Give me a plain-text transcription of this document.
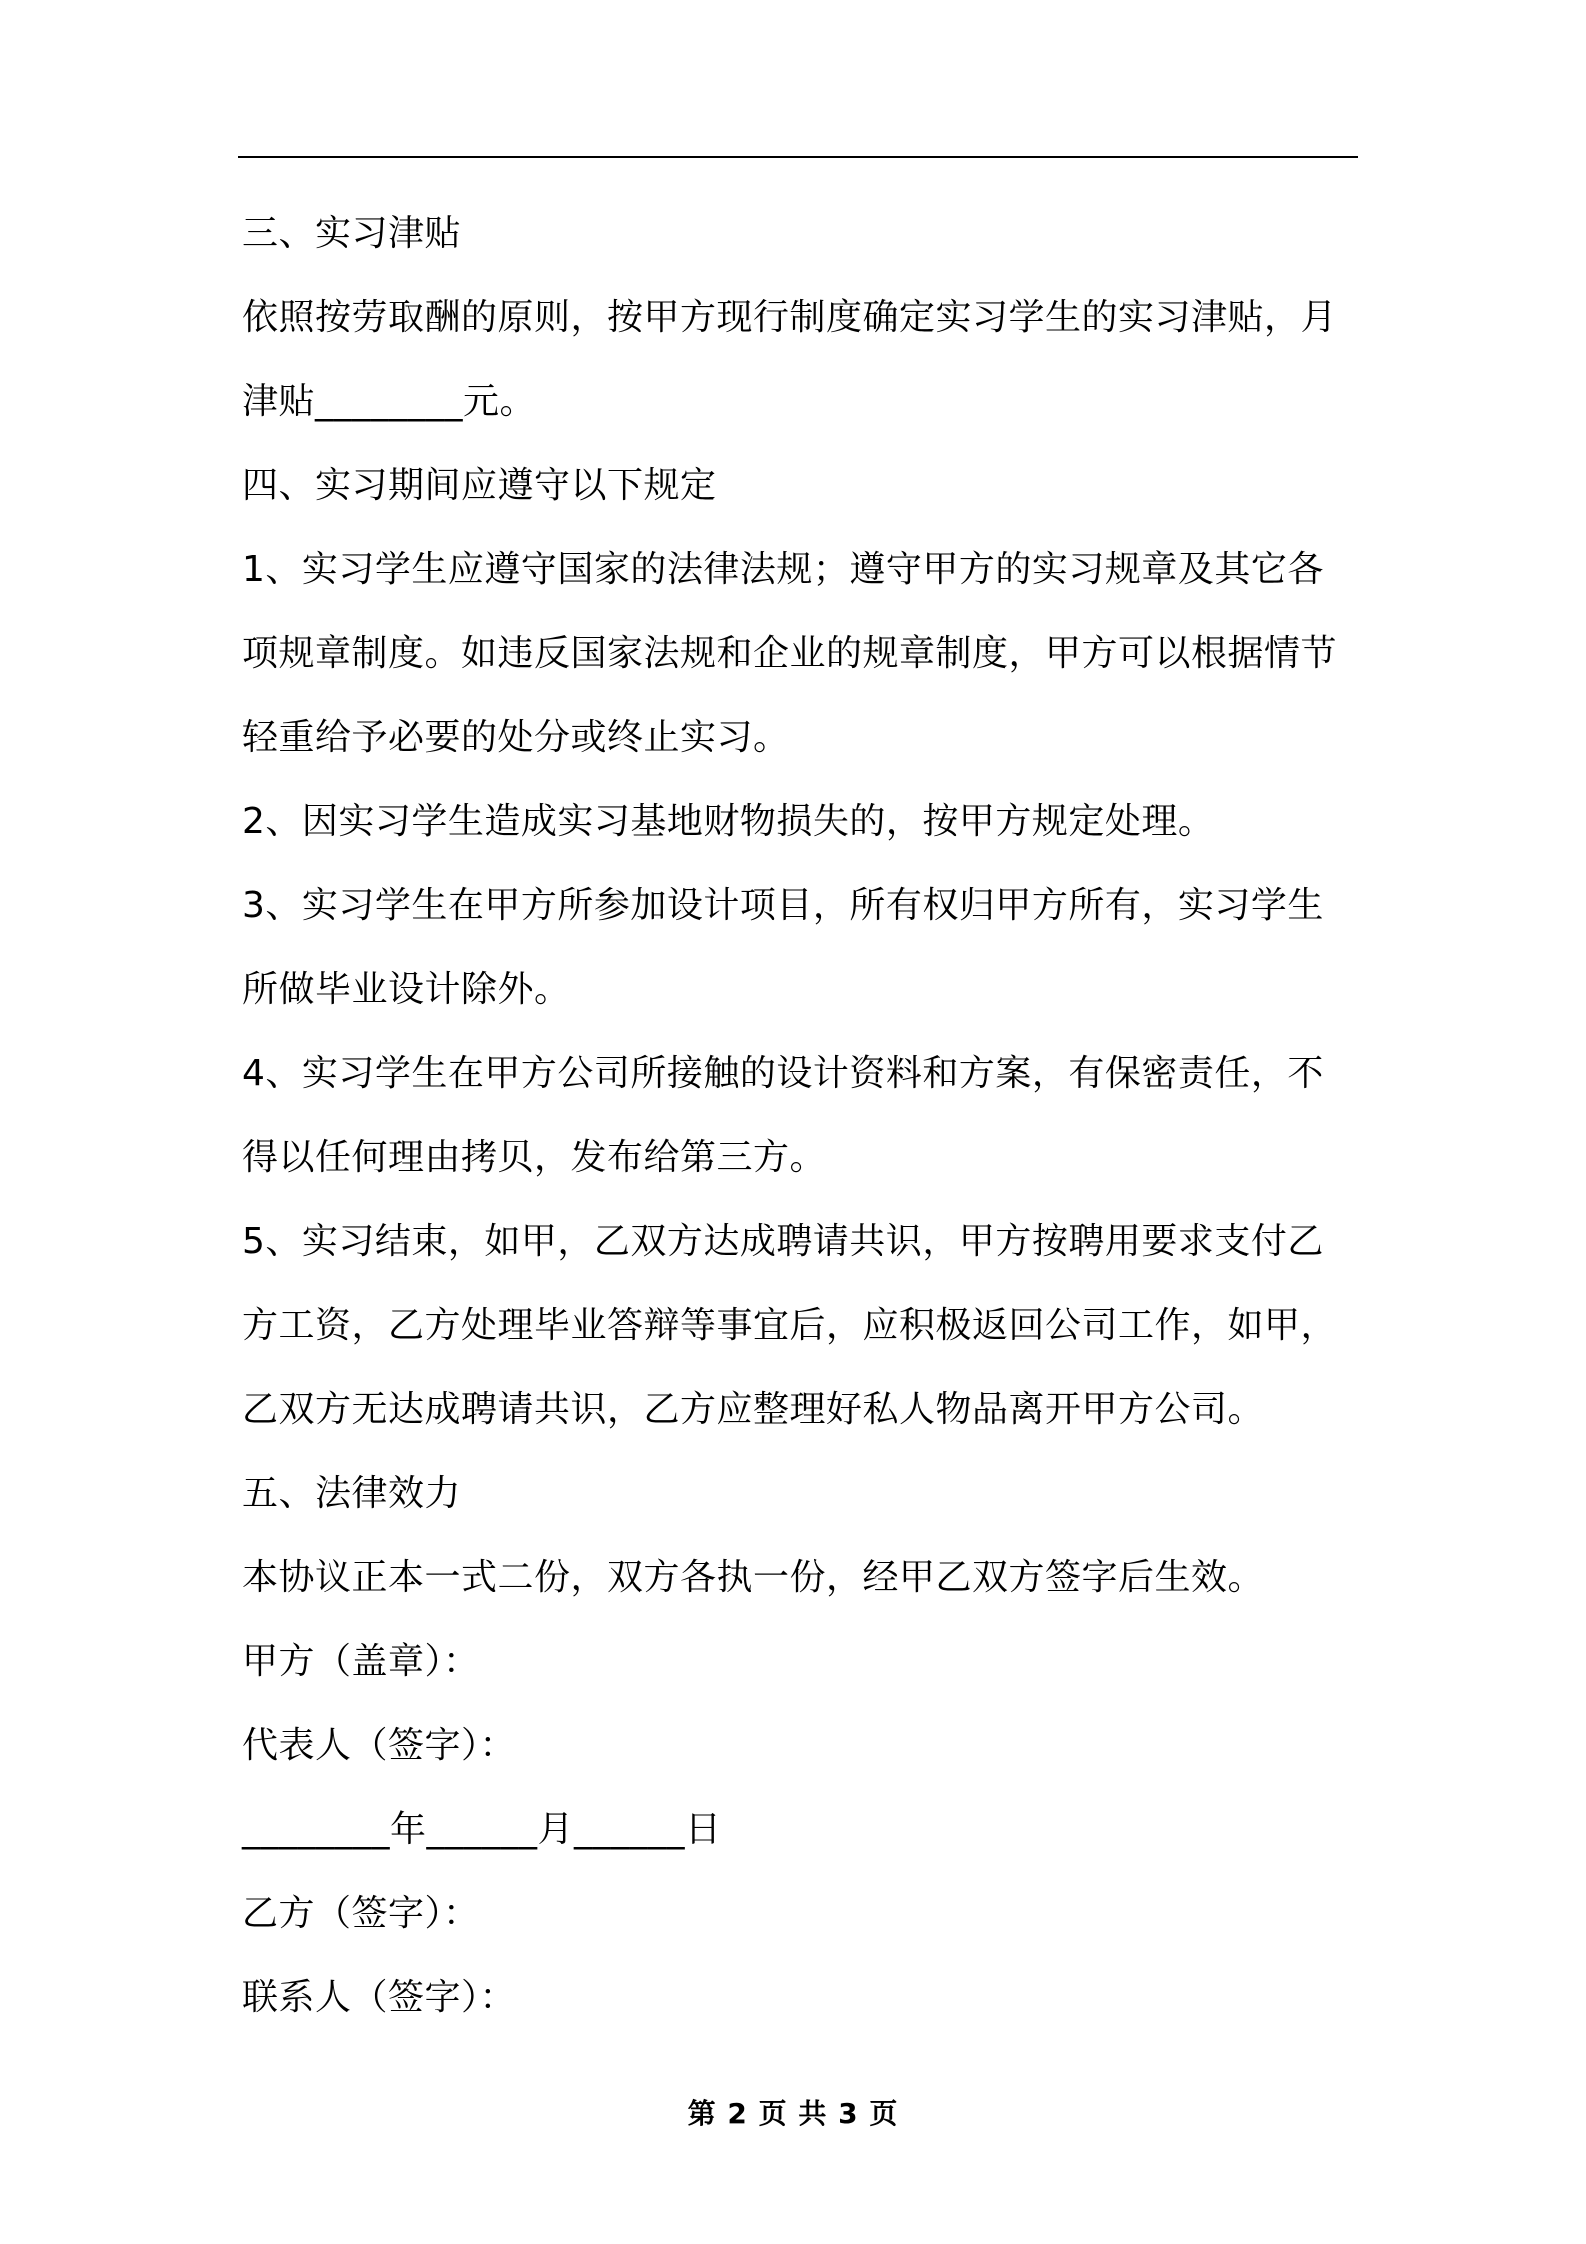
三、实习津贴
依照按劳取酬的原则，按甲方现行制度确定实习学生的实习津贴，月
津贴________元。
四、实习期间应遵守以下规定
1、实习学生应遵守国家的法律法规；遵守甲方的实习规章及其它各
项规章制度。如违反国家法规和企业的规章制度，甲方可以根据情节
轻重给予必要的处分或终止实习。
2、因实习学生造成实习基地财物损失的，按甲方规定处理。
3、实习学生在甲方所参加设计项目，所有权归甲方所有，实习学生
所做毕业设计除外。
4、实习学生在甲方公司所接触的设计资料和方案，有保密责任，不
得以任何理由拷贝，发布给第三方。
5、实习结束，如甲，乙双方达成聘请共识，甲方按聘用要求支付乙
方工资，乙方处理毕业答辩等事宜后，应积极返回公司工作，如甲，
乙双方无达成聘请共识，乙方应整理好私人物品离开甲方公司。
五、法律效力
本协议正本一式二份，双方各执一份，经甲乙双方签字后生效。
甲方（盖章）：
代表人（签字）：
________年______月______日
乙方（签字）：
联系人（签字）：
第 2 页 共 3 页
